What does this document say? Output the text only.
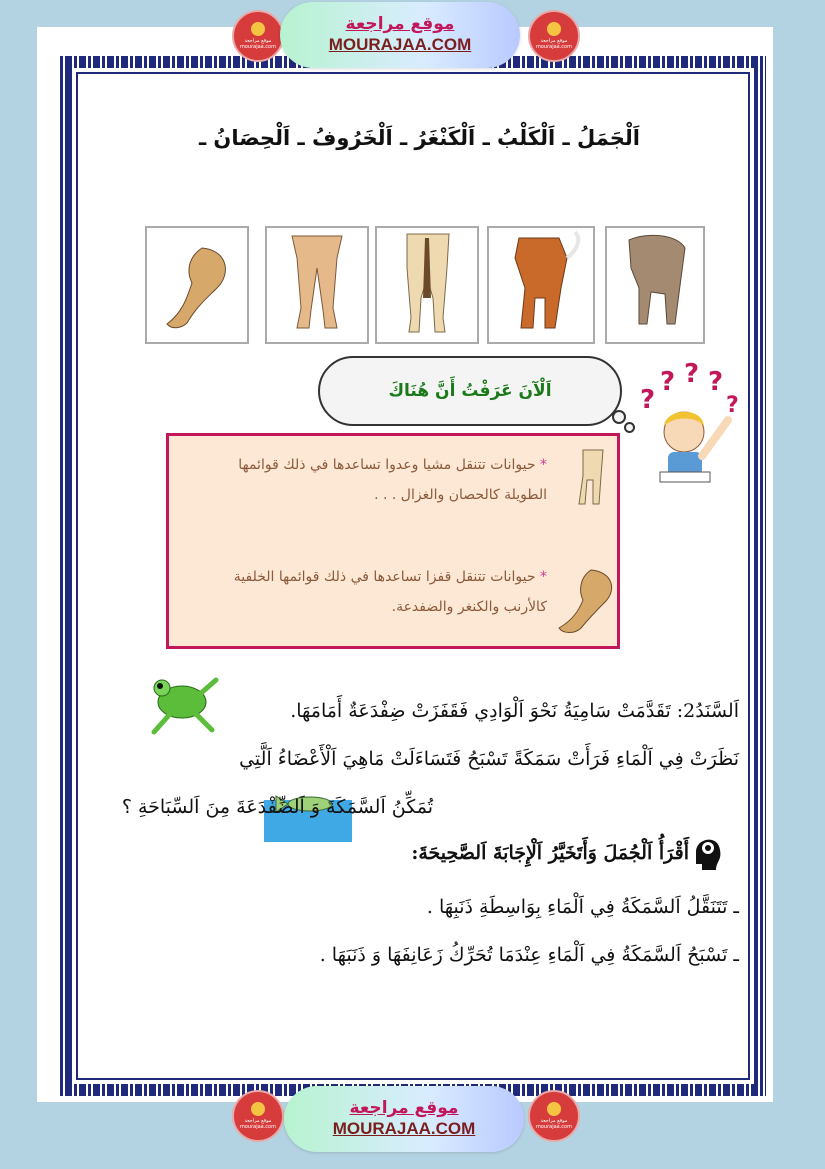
موقع مراجعة mourajaa.com
موقع مراجعة
MOURAJAA.COM	موقع مراجعة mourajaa.com
اَلْجَمَلُ ـ اَلْكَلْبُ ـ اَلْكَنْغَرُ ـ اَلْخَرُوفُ ـ اَلْحِصَانُ ـ
اَلْآنَ عَرَفْتُ أَنَّ هُنَاكَ	?
? ? ?
?
* حيوانات تتنقل مشيا وعدوا تساعدها في ذلك قوائمها الطويلة كالحصان والغزال . . .
* حيوانات تتنقل قفزا تساعدها في ذلك قوائمها الخلفية كالأرنب والكنغر والضفدعة.
اَلسَّنَدُ2: تَقَدَّمَتْ سَامِيَةُ نَحْوَ اَلْوَادِي فَقَفَزَتْ ضِفْدَعَةٌ أَمَامَهَا.
نَظَرَتْ فِي اَلْمَاءِ فَرَأَتْ سَمَكَةً تَسْبَحُ فَتَسَاءَلَتْ مَاهِيَ اَلْأَعْضَاءُ اَلَّتِي
تُمَكِّنُ اَلسَّمَكَةَ وَ اَلضِّفْدَعَةَ مِنَ اَلسِّبَاحَةِ ؟
أَقْرَأُ اَلْجُمَلَ وَأَتَخَيَّرُ اَلْإِجَابَةَ اَلصَّحِيحَةَ:
ـ تَتَنَقَّلُ اَلسَّمَكَةُ فِي اَلْمَاءِ بِوَاسِطَةِ ذَنَبِهَا .
ـ تَسْبَحُ اَلسَّمَكَةُ فِي اَلْمَاءِ عِنْدَمَا تُحَرِّكُ زَعَانِفَهَا وَ ذَنَبَهَا .
موقع مراجعة mourajaa.com
موقع مراجعة
MOURAJAA.COM	موقع مراجعة mourajaa.com
